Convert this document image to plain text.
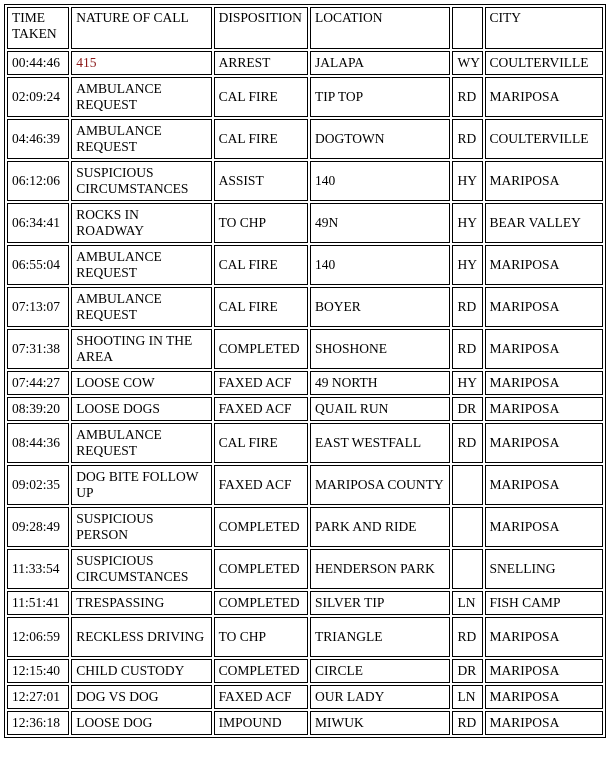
TIME TAKEN	NATURE OF CALL	DISPOSITION	LOCATION		CITY
00:44:46	415	ARREST	JALAPA	WY	COULTERVILLE
02:09:24	AMBULANCE REQUEST	CAL FIRE	TIP TOP	RD	MARIPOSA
04:46:39	AMBULANCE REQUEST	CAL FIRE	DOGTOWN	RD	COULTERVILLE
06:12:06	SUSPICIOUS CIRCUMSTANCES	ASSIST	140	HY	MARIPOSA
06:34:41	ROCKS IN ROADWAY	TO CHP	49N	HY	BEAR VALLEY
06:55:04	AMBULANCE REQUEST	CAL FIRE	140	HY	MARIPOSA
07:13:07	AMBULANCE REQUEST	CAL FIRE	BOYER	RD	MARIPOSA
07:31:38	SHOOTING IN THE AREA	COMPLETED	SHOSHONE	RD	MARIPOSA
07:44:27	LOOSE COW	FAXED ACF	49 NORTH	HY	MARIPOSA
08:39:20	LOOSE DOGS	FAXED ACF	QUAIL RUN	DR	MARIPOSA
08:44:36	AMBULANCE REQUEST	CAL FIRE	EAST WESTFALL	RD	MARIPOSA
09:02:35	DOG BITE FOLLOW UP	FAXED ACF	MARIPOSA COUNTY		MARIPOSA
09:28:49	SUSPICIOUS PERSON	COMPLETED	PARK AND RIDE		MARIPOSA
11:33:54	SUSPICIOUS CIRCUMSTANCES	COMPLETED	HENDERSON PARK		SNELLING
11:51:41	TRESPASSING	COMPLETED	SILVER TIP	LN	FISH CAMP
12:06:59	RECKLESS DRIVING	TO CHP	TRIANGLE	RD	MARIPOSA
12:15:40	CHILD CUSTODY	COMPLETED	CIRCLE	DR	MARIPOSA
12:27:01	DOG VS DOG	FAXED ACF	OUR LADY	LN	MARIPOSA
12:36:18	LOOSE DOG	IMPOUND	MIWUK	RD	MARIPOSA
